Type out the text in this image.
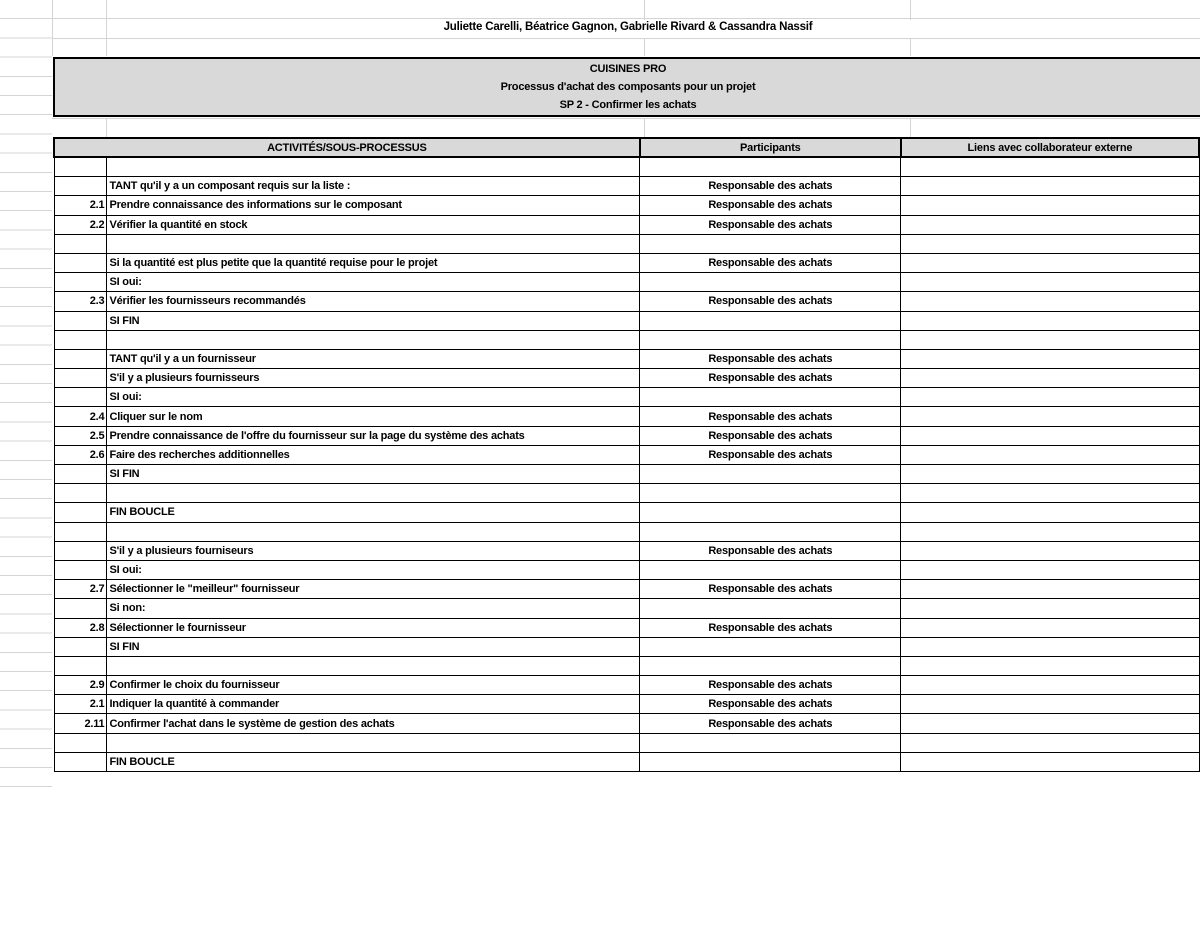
Juliette Carelli, Béatrice Gagnon, Gabrielle Rivard & Cassandra Nassif
CUISINES PRO
Processus d'achat des composants pour un projet
SP 2 - Confirmer les achats
ACTIVITÉS/SOUS-PROCESSUS		Participants	Liens avec collaborateur externe

	TANT qu'il y a un composant requis sur la liste :	Responsable des achats	
2.1	Prendre connaissance des informations sur le composant	Responsable des achats	
2.2	Vérifier la quantité en stock	Responsable des achats	

	Si la quantité est plus petite que la quantité requise pour le projet	Responsable des achats	
	SI oui:		
2.3	Vérifier les fournisseurs recommandés	Responsable des achats	
	SI FIN		

	TANT qu'il y a un fournisseur	Responsable des achats	
	S'il y a plusieurs fournisseurs	Responsable des achats	
	SI oui:		
2.4	Cliquer sur le nom	Responsable des achats	
2.5	Prendre connaissance de l'offre du fournisseur sur la page du système des achats	Responsable des achats	
2.6	Faire des recherches additionnelles	Responsable des achats	
	SI FIN		

	FIN BOUCLE		

	S'il y a plusieurs fourniseurs	Responsable des achats	
	SI oui:		
2.7	Sélectionner le "meilleur" fournisseur	Responsable des achats	
	Si non:		
2.8	Sélectionner le fournisseur	Responsable des achats	
	SI FIN		

2.9	Confirmer le choix du fournisseur	Responsable des achats	
2.1	Indiquer la quantité à commander	Responsable des achats	
2.11	Confirmer l'achat dans le système de gestion des achats	Responsable des achats	

	FIN BOUCLE		
